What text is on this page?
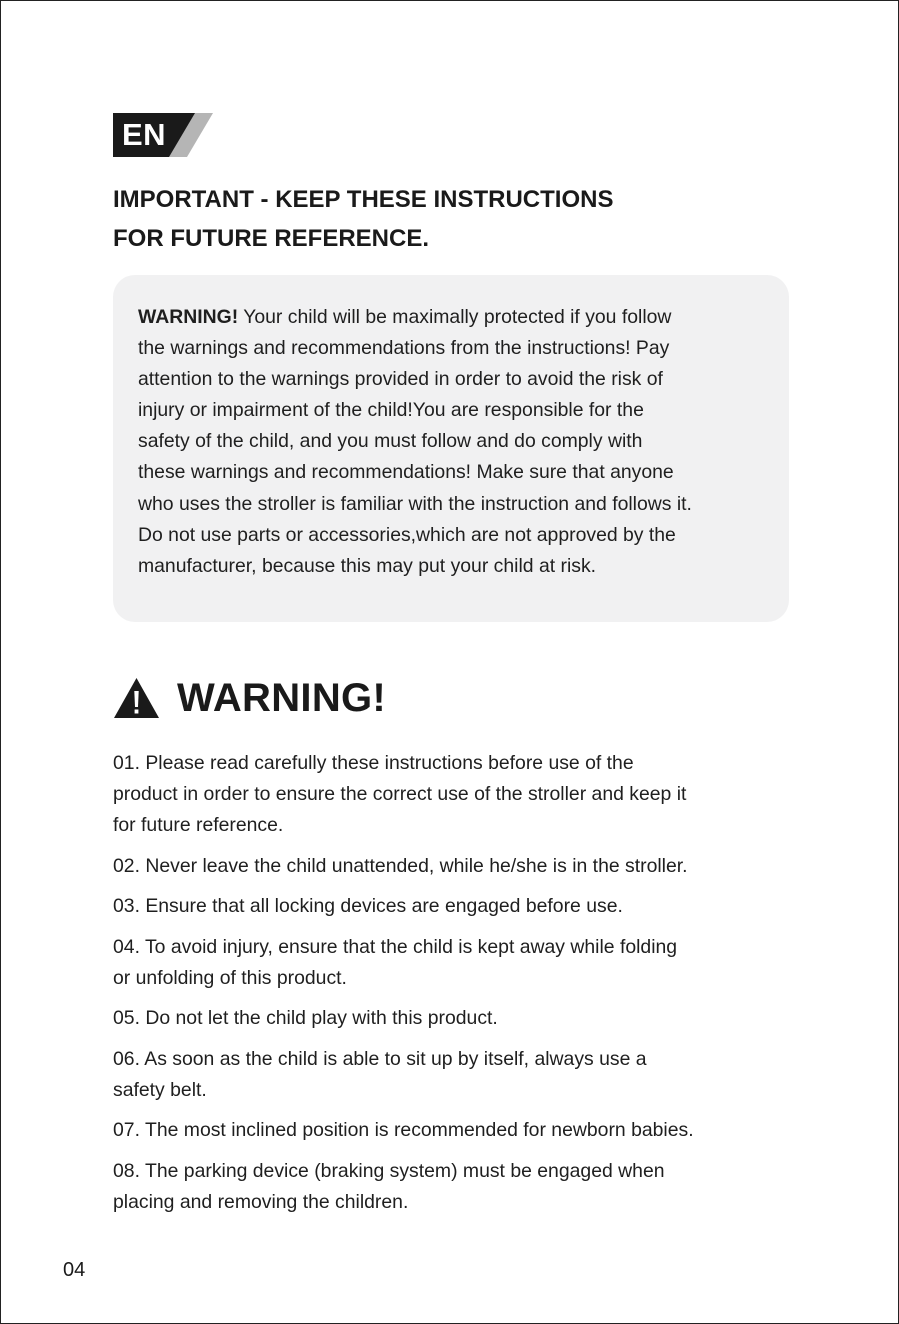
EN
IMPORTANT - KEEP THESE INSTRUCTIONS
FOR FUTURE REFERENCE.

WARNING! Your child will be maximally protected if you follow
the warnings and recommendations from the instructions! Pay
attention to the warnings provided in order to avoid the risk of
injury or impairment of the child!You are responsible for the
safety of the child, and you must follow and do comply with
these warnings and recommendations! Make sure that anyone
who uses the stroller is familiar with the instruction and follows it.
Do not use parts or accessories,which are not approved by the
manufacturer, because this may put your child at risk.

WARNING!
01. Please read carefully these instructions before use of the
product in order to ensure the correct use of the stroller and keep it
for future reference.
02. Never leave the child unattended, while he/she is in the stroller.
03. Ensure that all locking devices are engaged before use.
04. To avoid injury, ensure that the child is kept away while folding
or unfolding of this product.
05. Do not let the child play with this product.
06. As soon as the child is able to sit up by itself, always use a
safety belt.
07. The most inclined position is recommended for newborn babies.
08. The parking device (braking system) must be engaged when
placing and removing the children.
04
